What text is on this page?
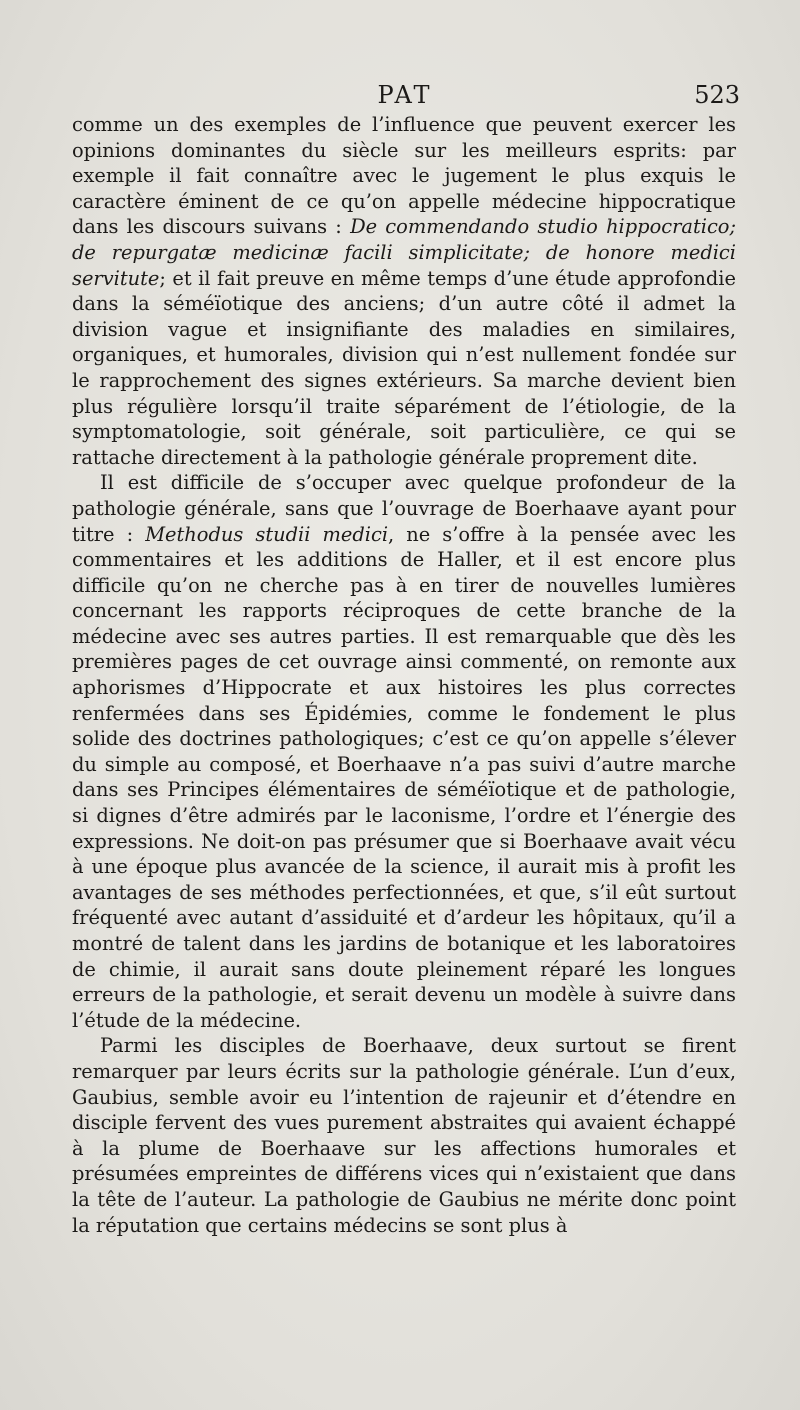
PAT	523

comme un des exemples de l’influence que peuvent exercer les opinions dominantes du siècle sur les meilleurs esprits: par exemple il fait connaître avec le jugement le plus exquis le caractère éminent de ce qu’on appelle médecine hippocratique dans les discours suivans : De commendando studio hippocratico; de repurgatæ medicinæ facili simplicitate; de honore medici servitute; et il fait preuve en même temps d’une étude approfondie dans la séméïotique des anciens; d’un autre côté il admet la division vague et insignifiante des maladies en similaires, organiques, et humorales, division qui n’est nullement fondée sur le rapprochement des signes extérieurs. Sa marche devient bien plus régulière lorsqu’il traite séparément de l’étiologie, de la symptomatologie, soit générale, soit particulière, ce qui se rattache directement à la pathologie générale proprement dite.

Il est difficile de s’occuper avec quelque profondeur de la pathologie générale, sans que l’ouvrage de Boerhaave ayant pour titre : Methodus studii medici, ne s’offre à la pensée avec les commentaires et les additions de Haller, et il est encore plus difficile qu’on ne cherche pas à en tirer de nouvelles lumières concernant les rapports réciproques de cette branche de la médecine avec ses autres parties. Il est remarquable que dès les premières pages de cet ouvrage ainsi commenté, on remonte aux aphorismes d’Hippocrate et aux histoires les plus correctes renfermées dans ses Épidémies, comme le fondement le plus solide des doctrines pathologiques; c’est ce qu’on appelle s’élever du simple au composé, et Boerhaave n’a pas suivi d’autre marche dans ses Principes élémentaires de séméïotique et de pathologie, si dignes d’être admirés par le laconisme, l’ordre et l’énergie des expressions. Ne doit-on pas présumer que si Boerhaave avait vécu à une époque plus avancée de la science, il aurait mis à profit les avantages de ses méthodes perfectionnées, et que, s’il eût surtout fréquenté avec autant d’assiduité et d’ardeur les hôpitaux, qu’il a montré de talent dans les jardins de botanique et les laboratoires de chimie, il aurait sans doute pleinement réparé les longues erreurs de la pathologie, et serait devenu un modèle à suivre dans l’étude de la médecine.

Parmi les disciples de Boerhaave, deux surtout se firent remarquer par leurs écrits sur la pathologie générale. L’un d’eux, Gaubius, semble avoir eu l’intention de rajeunir et d’étendre en disciple fervent des vues purement abstraites qui avaient échappé à la plume de Boerhaave sur les affections humorales et présumées empreintes de différens vices qui n’existaient que dans la tête de l’auteur. La pathologie de Gaubius ne mérite donc point la réputation que certains médecins se sont plus à
